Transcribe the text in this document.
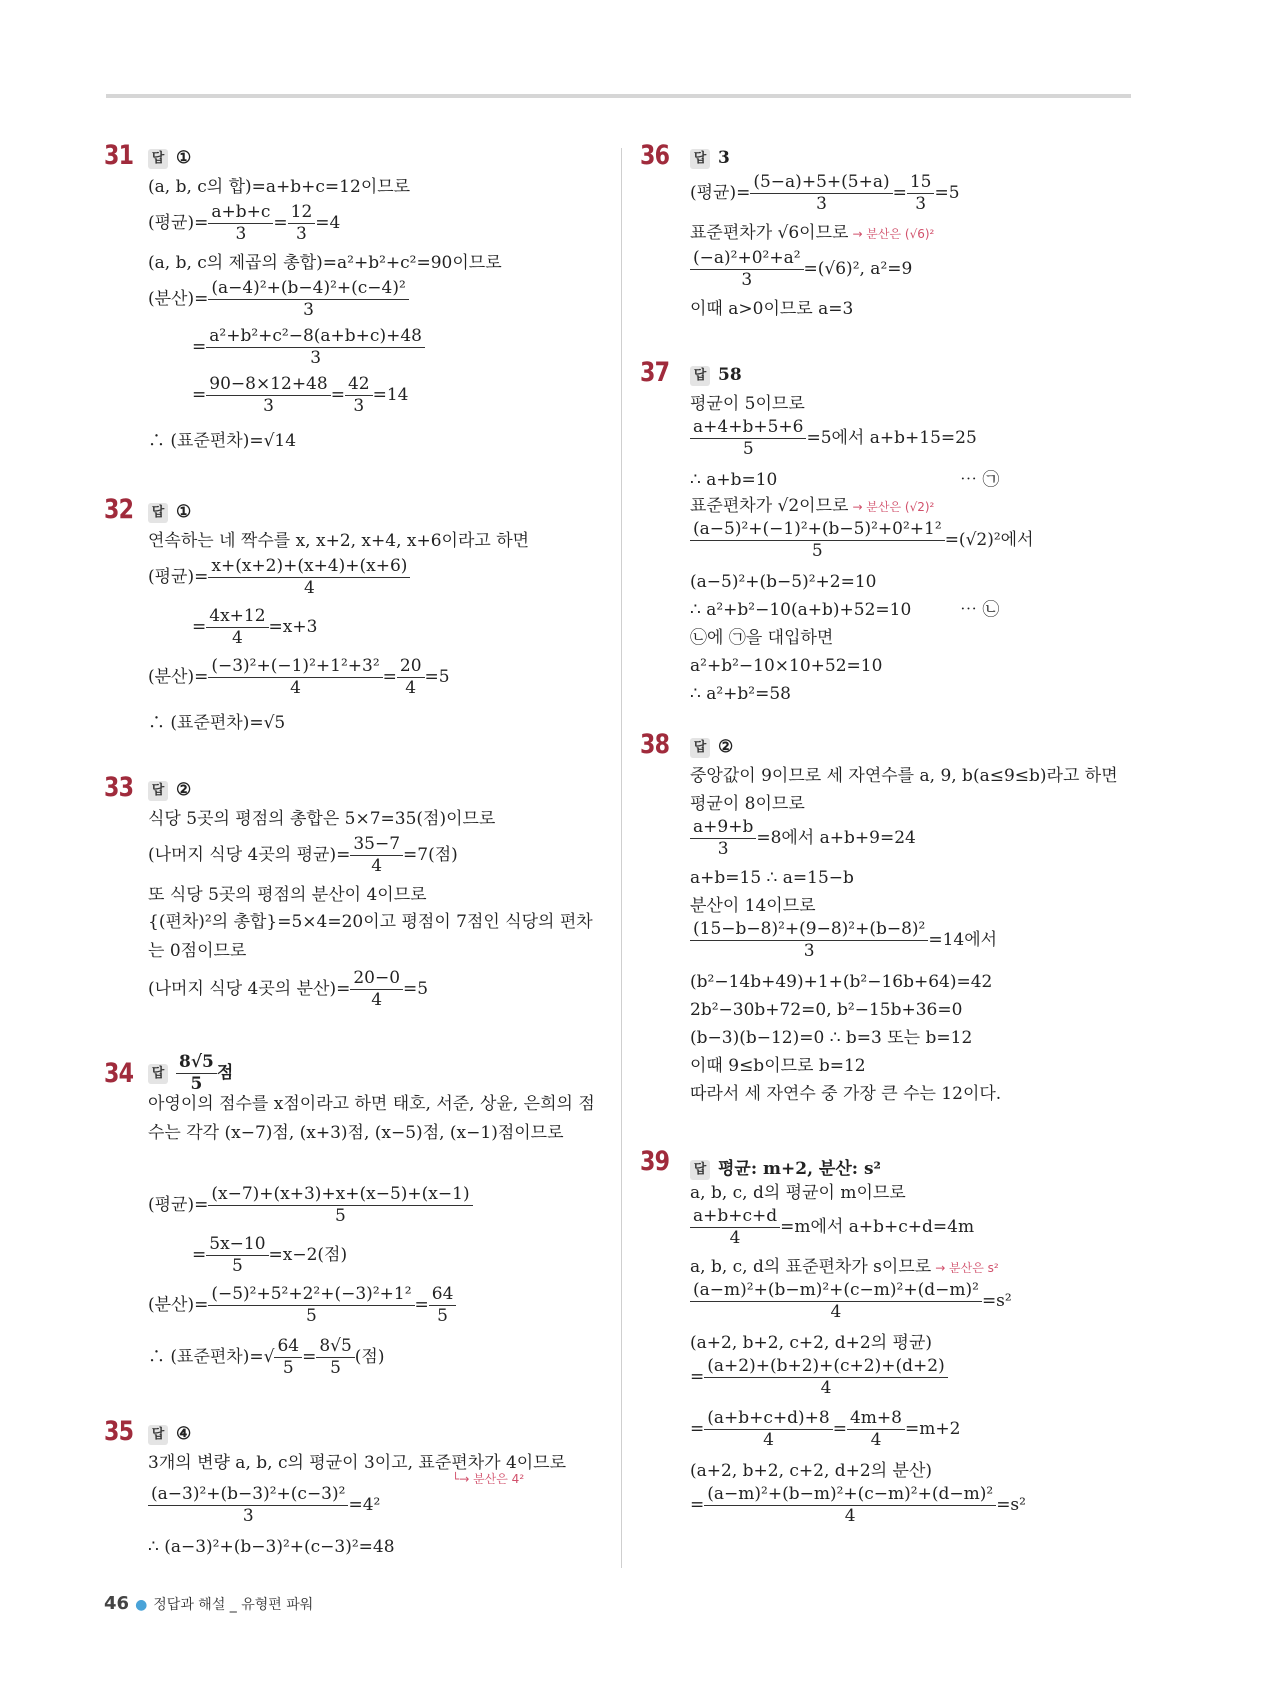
31 답 ①
(a, b, c의 합)=a+b+c=12이므로
(평균)= $\frac{a+b+c}{3} = \frac{12}{3} =4$
(a, b, c의 제곱의 총합)=a²+b²+c²=90이므로
(분산)= $\frac{\text{(a−4)²+(b−4)²+(c−4)²}}{3}$
= $\frac{\text{a²+b²+c²−8(a+b+c)+48}}{3}$
= $\frac{90-8\times 12+48}{3} = \frac{42}{3} =14$
∴ (표준편차)=√14
32 답 ①
연속하는 네 짝수를 x, x+2, x+4, x+6이라고 하면
(평균)= $\frac{x+(x+2)+(x+4)+(x+6)}{4}$
= $\frac{4x+12}{4} =x+3$
(분산)= $\frac{\text{(−3)²+(−1)²+1²+3²}}{4} = \frac{20}{4} =5$
∴ (표준편차)=√5
33 답 ②
식당 5곳의 평점의 총합은 5×7=35(점)이므로
(나머지 식당 4곳의 평균)= $\frac{35-7}{4} =7$(점)
또 식당 5곳의 평점의 분산이 4이므로
{(편차)²의 총합}=5×4=20이고 평점이 7점인 식당의 편차는 0점이므로
(나머지 식당 4곳의 분산)= $\frac{20-0}{4} =5$
34 답 $\frac{8√5}{5}$ 점
아영이의 점수를 x점이라고 하면 태호, 서준, 상윤, 은희의 점수는 각각 (x−7)점, (x+3)점, (x−5)점, (x−1)점이므로
(평균)= $\frac{(x-7)+(x+3)+x+(x-5)+(x-1)}{5}$
= $\frac{5x-10}{5} =x-2$(점)
(분산)= $\frac{\text{(−5)²+5²+2²+(−3)²+1²}}{5} = \frac{64}{5}$
∴ (표준편차)=√ $\frac{64}{5} = \frac{8√5}{5}$ (점)
35 답 ④
3개의 변량 a, b, c의 평균이 3이고, 표준편차가 4이므로
└→ 분산은 4²
$\frac{\text{(a−3)²+(b−3)²+(c−3)²}}{3} =4^2$
∴ (a−3)²+(b−3)²+(c−3)²=48
36 답 3
(평균)= $\frac{(5-a)+5+(5+a)}{3} = \frac{15}{3} =5$
표준편차가 √6이므로 → 분산은 (√6)²
$\frac{\text{(−a)²+0²+a²}}{3} =(√6)^2$, a²=9
이때 a>0이므로 a=3
37 답 58
평균이 5이므로
$\frac{a+4+b+5+6}{5} =5$에서 a+b+15=25
∴ a+b=10	⋯ ㉠
표준편차가 √2이므로 → 분산은 (√2)²
$\frac{\text{(a−5)²+(−1)²+(b−5)²+0²+1²}}{5} =(√2)^2$에서
(a−5)²+(b−5)²+2=10
∴ a²+b²−10(a+b)+52=10	⋯ ㉡
㉡에 ㉠을 대입하면
a²+b²−10×10+52=10
∴ a²+b²=58
38 답 ②
중앙값이 9이므로 세 자연수를 a, 9, b(a≤9≤b)라고 하면
평균이 8이므로
$\frac{a+9+b}{3} =8$에서 a+b+9=24
a+b=15 ∴ a=15−b
분산이 14이므로
$\frac{\text{(15−b−8)²+(9−8)²+(b−8)²}}{3} =14$에서
(b²−14b+49)+1+(b²−16b+64)=42
2b²−30b+72=0, b²−15b+36=0
(b−3)(b−12)=0 ∴ b=3 또는 b=12
이때 9≤b이므로 b=12
따라서 세 자연수 중 가장 큰 수는 12이다.
39 답 평균: m+2, 분산: s²
a, b, c, d의 평균이 m이므로
$\frac{a+b+c+d}{4} =m$에서 a+b+c+d=4m
a, b, c, d의 표준편차가 s이므로 → 분산은 s²
$\frac{\text{(a−m)²+(b−m)²+(c−m)²+(d−m)²}}{4} =s^2$
(a+2, b+2, c+2, d+2의 평균)
= $\frac{(a+2)+(b+2)+(c+2)+(d+2)}{4}$
= $\frac{(a+b+c+d)+8}{4} = \frac{4m+8}{4} =m+2$
(a+2, b+2, c+2, d+2의 분산)
= $\frac{\text{(a−m)²+(b−m)²+(c−m)²+(d−m)²}}{4} =s^2$
46 ● 정답과 해설 _ 유형편 파워
